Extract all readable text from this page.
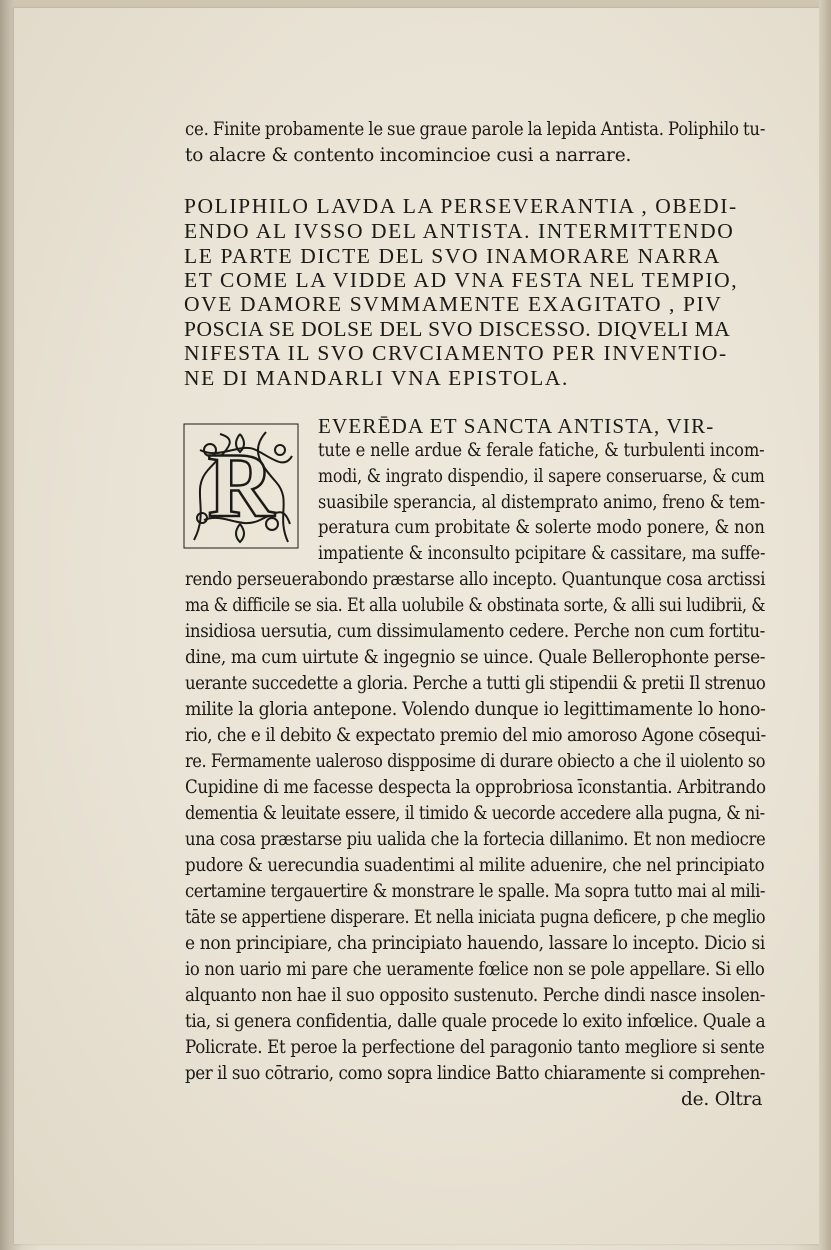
ce. Finite probamente le sue graue parole la lepida Antista. Poliphilo tu-
to alacre & contento incomincioe cusi a narrare.
POLIPHILO LAVDA LA PERSEVERANTIA , OBEDI-
ENDO AL IVSSO DEL ANTISTA. INTERMITTENDO
LE PARTE DICTE DEL SVO INAMORARE NARRA
ET COME LA VIDDE AD VNA FESTA NEL TEMPIO,
OVE DAMORE SVMMAMENTE EXAGITATO , PIV
POSCIA SE DOLSE DEL SVO DISCESSO. DIQVELI MA
NIFESTA IL SVO CRVCIAMENTO PER INVENTIO-
NE DI MANDARLI VNA EPISTOLA.
R
EVERĒDA ET SANCTA ANTISTA, VIR-
tute e nelle ardue & ferale fatiche, & turbulenti incom-
modi, & ingrato dispendio, il sapere conseruarse, & cum
suasibile sperancia, al distemprato animo, freno & tem-
peratura cum probitate & solerte modo ponere, & non
impatiente & inconsulto pcipitare & cassitare, ma suffe-
rendo perseuerabondo præstarse allo incepto. Quantunque cosa arctissi
ma & difficile se sia. Et alla uolubile & obstinata sorte, & alli sui ludibrii, &
insidiosa uersutia, cum dissimulamento cedere. Perche non cum fortitu-
dine, ma cum uirtute & ingegnio se uince. Quale Bellerophonte perse-
uerante succedette a gloria. Perche a tutti gli stipendii & pretii Il strenuo
milite la gloria antepone. Volendo dunque io legittimamente lo hono-
rio, che e il debito & expectato premio del mio amoroso Agone cōsequi-
re. Fermamente ualeroso dispposime di durare obiecto a che il uiolento so
Cupidine di me facesse despecta la opprobriosa īconstantia. Arbitrando
dementia & leuitate essere, il timido & uecorde accedere alla pugna, & ni-
una cosa præstarse piu ualida che la fortecia dillanimo. Et non mediocre
pudore & uerecundia suadentimi al milite aduenire, che nel principiato
certamine tergauertire & monstrare le spalle. Ma sopra tutto mai al mili-
tāte se appertiene disperare. Et nella iniciata pugna deficere, p che meglio
e non principiare, cha principiato hauendo, lassare lo incepto. Dicio si
io non uario mi pare che ueramente fœlice non se pole appellare. Si ello
alquanto non hae il suo opposito sustenuto. Perche dindi nasce insolen-
tia, si genera confidentia, dalle quale procede lo exito infœlice. Quale a
Policrate. Et peroe la perfectione del paragonio tanto megliore si sente
per il suo cōtrario, como sopra lindice Batto chiaramente si comprehen-
de. Oltra
